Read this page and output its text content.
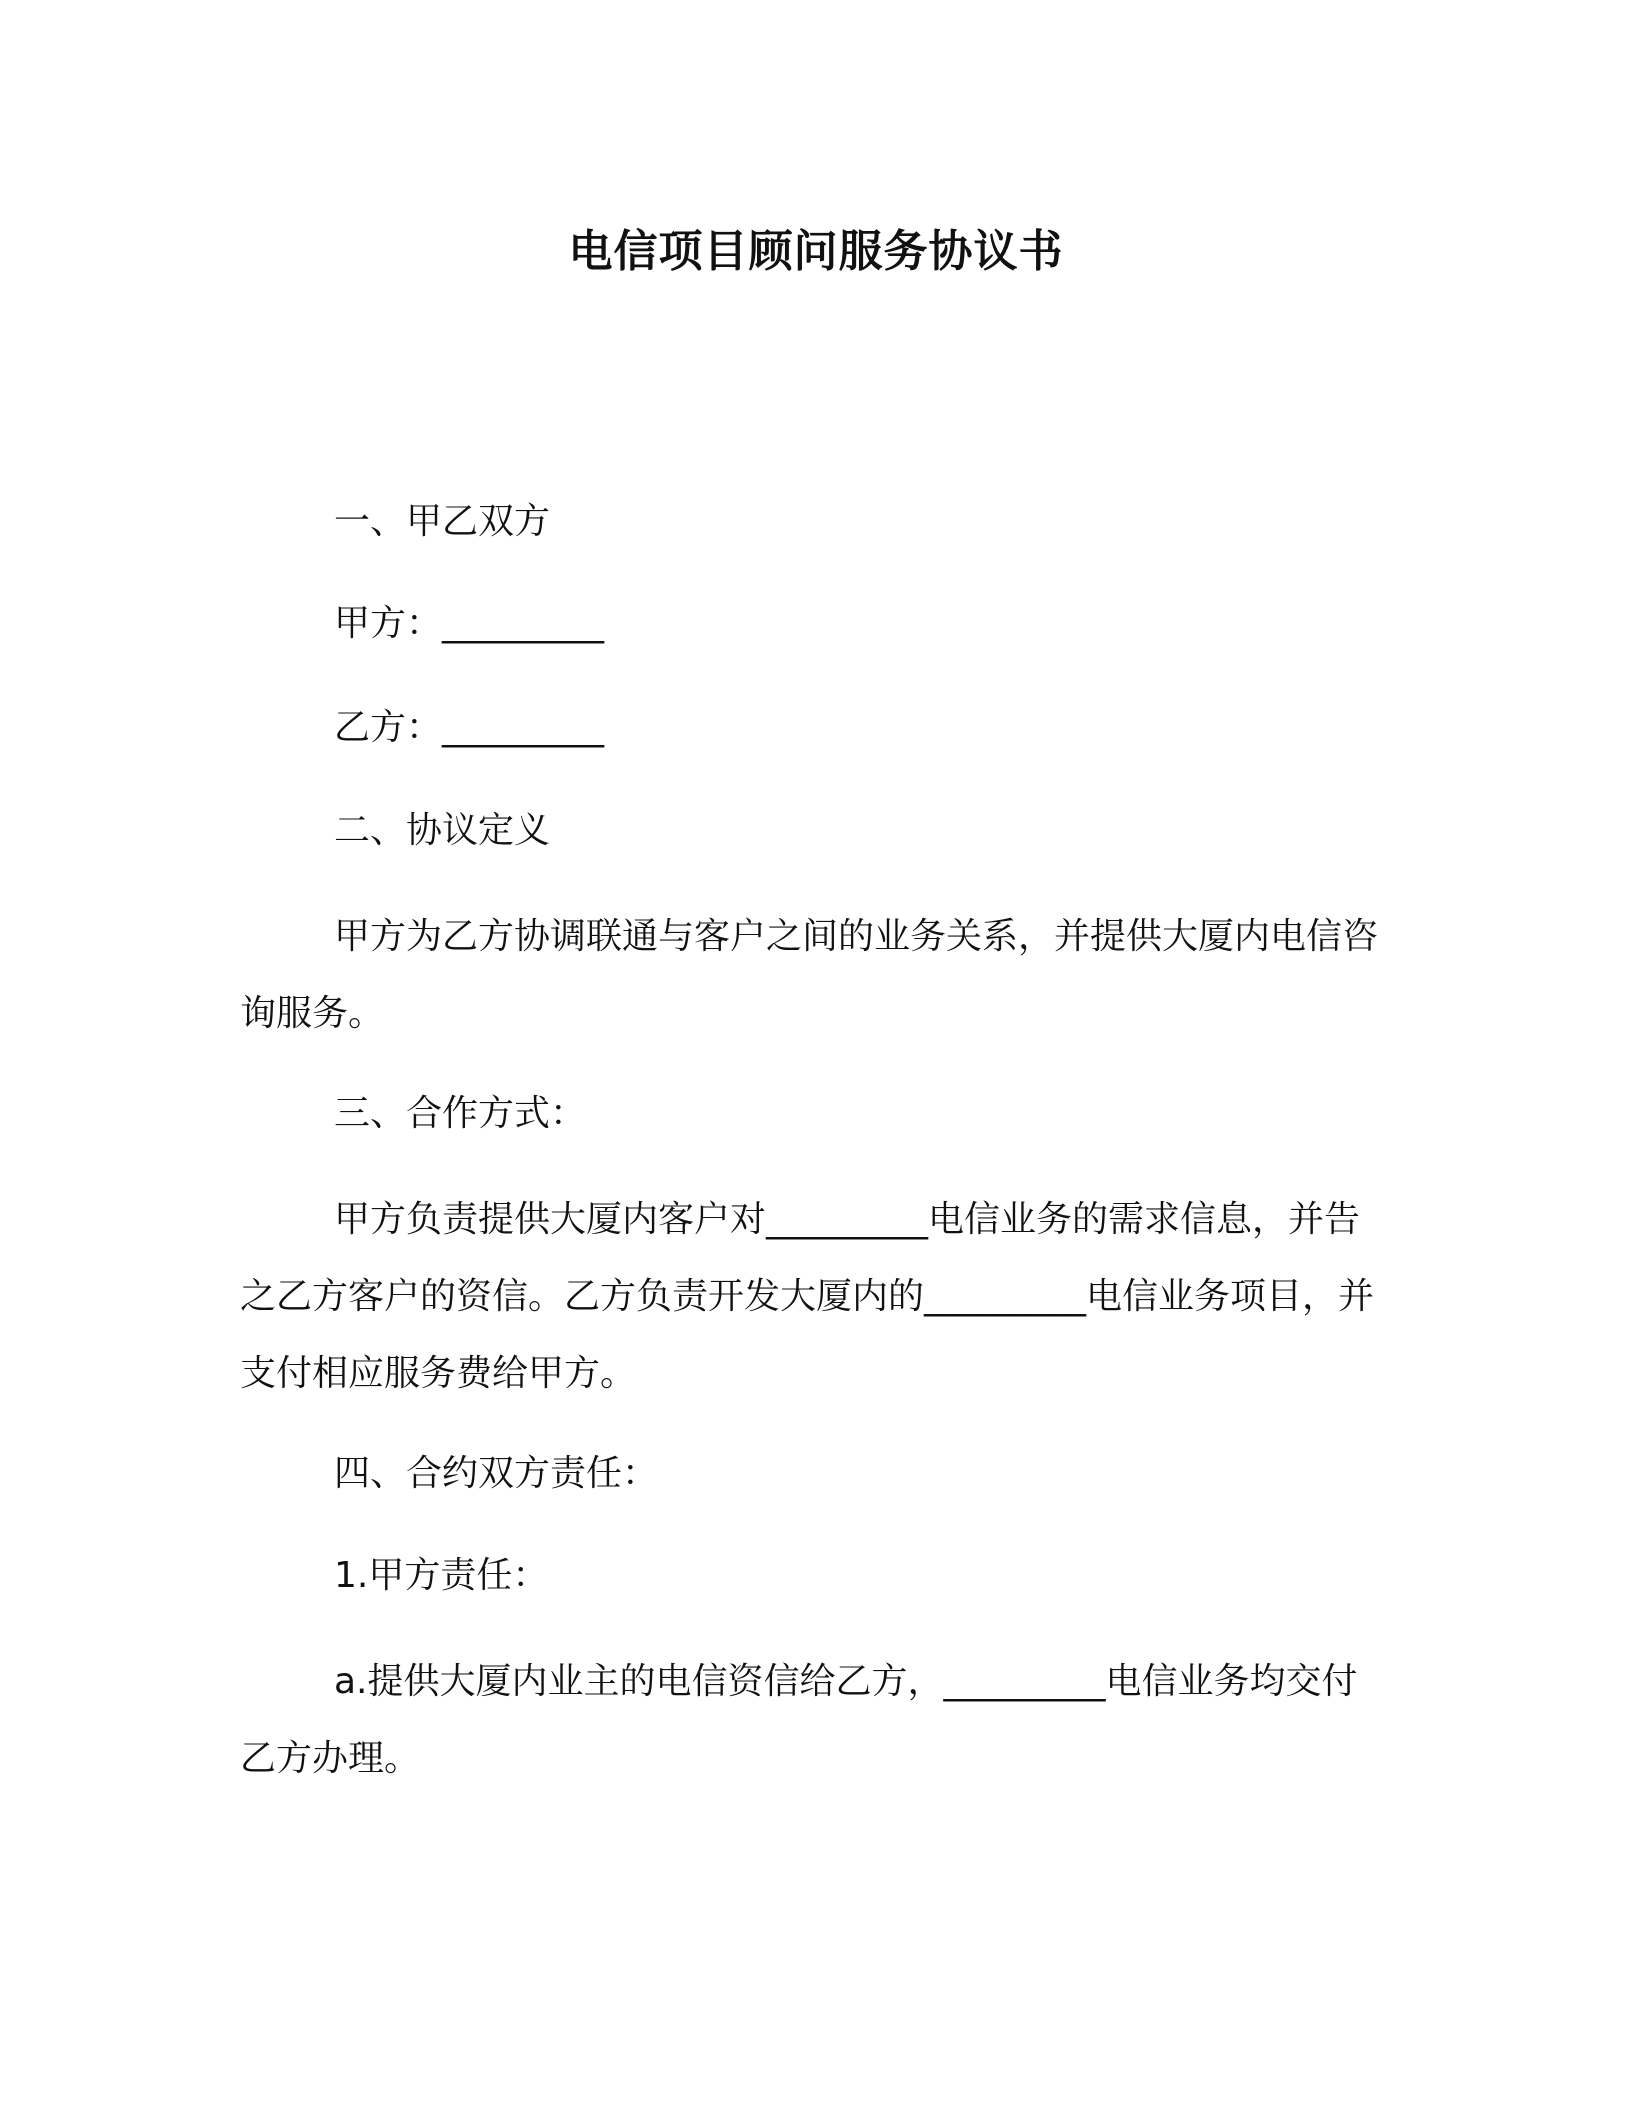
电信项目顾问服务协议书
一、甲乙双方
甲方：_________
乙方：_________
二、协议定义
甲方为乙方协调联通与客户之间的业务关系，并提供大厦内电信咨询服务。
三、合作方式：
甲方负责提供大厦内客户对_________电信业务的需求信息，并告之乙方客户的资信。乙方负责开发大厦内的_________电信业务项目，并支付相应服务费给甲方。
四、合约双方责任：
1.甲方责任：
a.提供大厦内业主的电信资信给乙方，_________电信业务均交付乙方办理。
